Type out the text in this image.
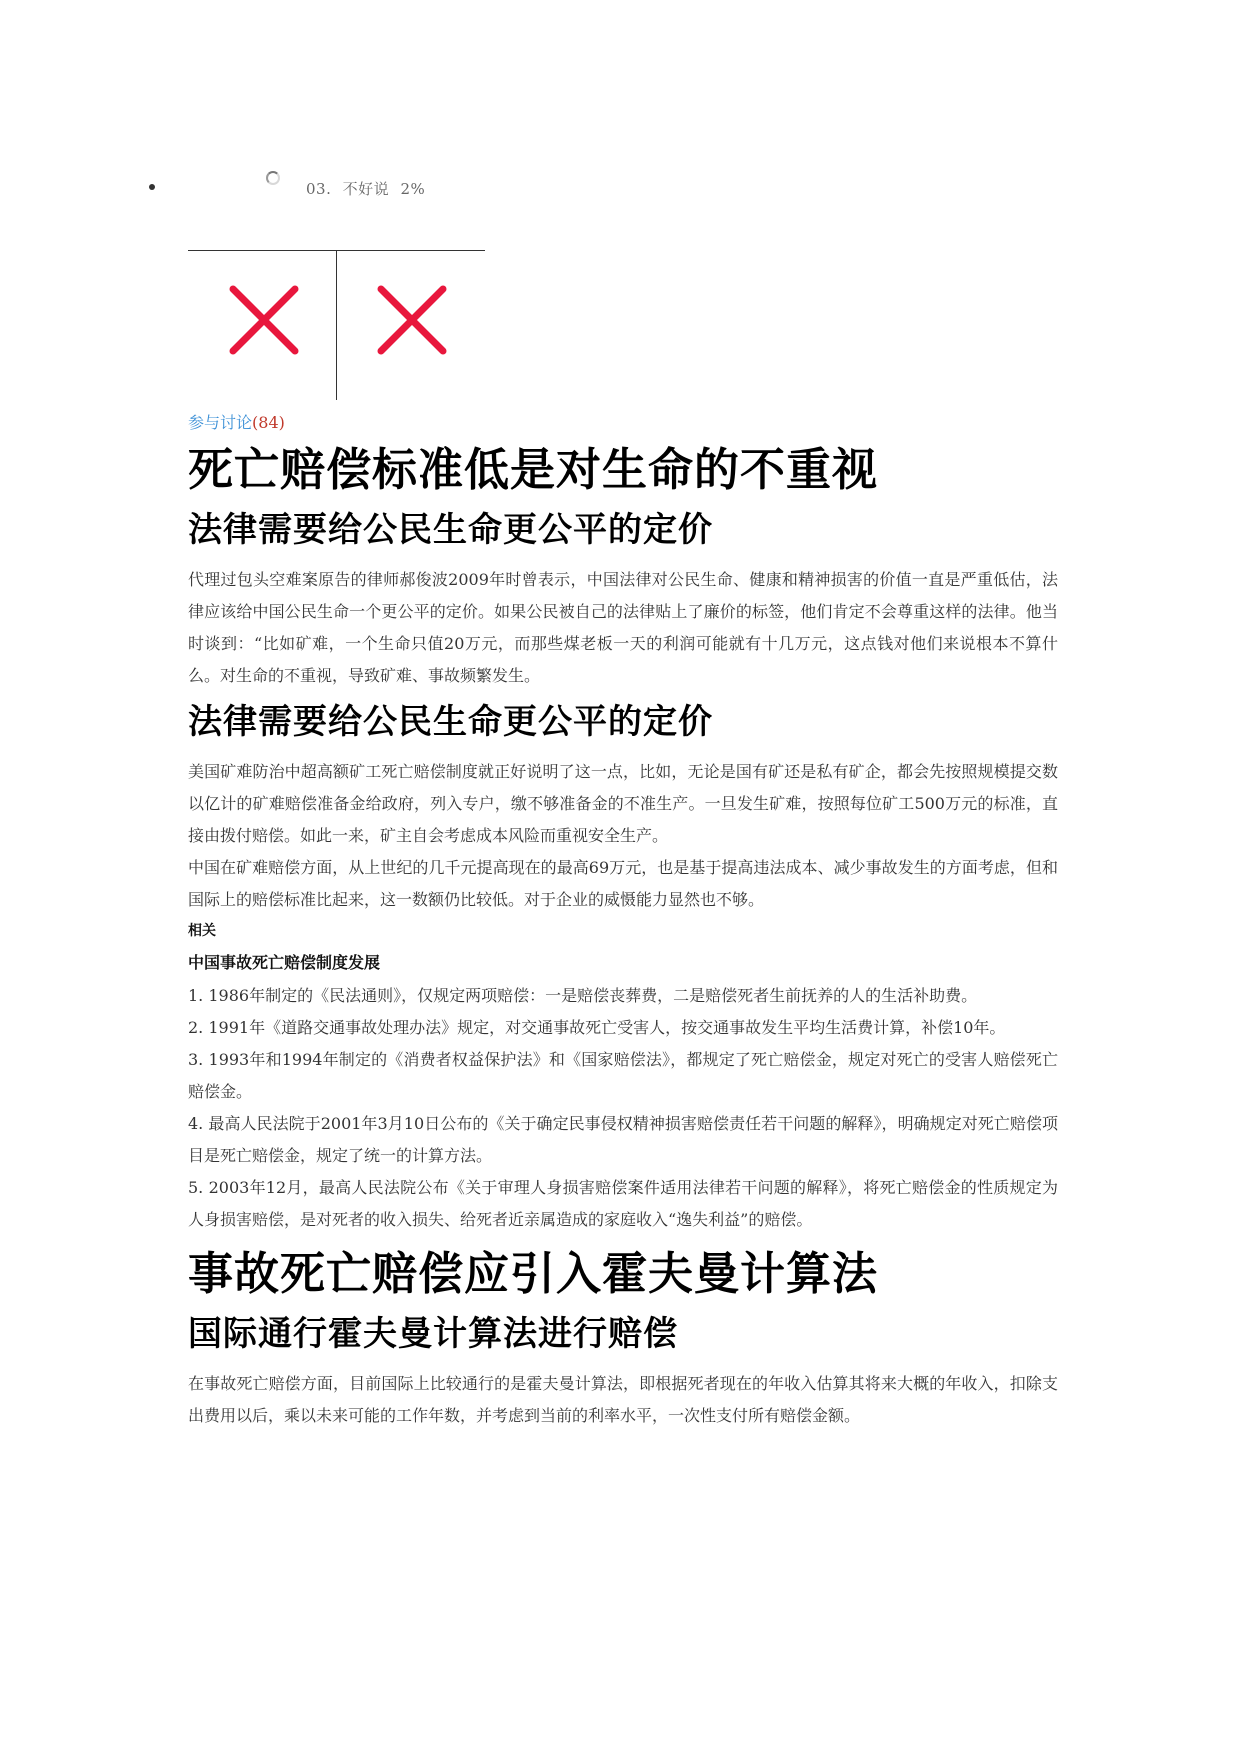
03. 不好说 2%
参与讨论(84)
死亡赔偿标准低是对生命的不重视
法律需要给公民生命更公平的定价

代理过包头空难案原告的律师郝俊波2009年时曾表示，中国法律对公民生命、健康和精神损害的价值一直是严重低估，法律应该给中国公民生命一个更公平的定价。如果公民被自己的法律贴上了廉价的标签，他们肯定不会尊重这样的法律。他当时谈到：“比如矿难，一个生命只值20万元，而那些煤老板一天的利润可能就有十几万元，这点钱对他们来说根本不算什么。对生命的不重视，导致矿难、事故频繁发生。

法律需要给公民生命更公平的定价

美国矿难防治中超高额矿工死亡赔偿制度就正好说明了这一点，比如，无论是国有矿还是私有矿企，都会先按照规模提交数以亿计的矿难赔偿准备金给政府，列入专户，缴不够准备金的不准生产。一旦发生矿难，按照每位矿工500万元的标准，直接由拨付赔偿。如此一来，矿主自会考虑成本风险而重视安全生产。

中国在矿难赔偿方面，从上世纪的几千元提高现在的最高69万元，也是基于提高违法成本、减少事故发生的方面考虑，但和国际上的赔偿标准比起来，这一数额仍比较低。对于企业的威慑能力显然也不够。

相关
中国事故死亡赔偿制度发展

1. 1986年制定的《民法通则》，仅规定两项赔偿：一是赔偿丧葬费，二是赔偿死者生前抚养的人的生活补助费。

2. 1991年《道路交通事故处理办法》规定，对交通事故死亡受害人，按交通事故发生平均生活费计算，补偿10年。

3. 1993年和1994年制定的《消费者权益保护法》和《国家赔偿法》，都规定了死亡赔偿金，规定对死亡的受害人赔偿死亡赔偿金。

4. 最高人民法院于2001年3月10日公布的《关于确定民事侵权精神损害赔偿责任若干问题的解释》，明确规定对死亡赔偿项目是死亡赔偿金，规定了统一的计算方法。

5. 2003年12月，最高人民法院公布《关于审理人身损害赔偿案件适用法律若干问题的解释》，将死亡赔偿金的性质规定为人身损害赔偿，是对死者的收入损失、给死者近亲属造成的家庭收入“逸失利益”的赔偿。

事故死亡赔偿应引入霍夫曼计算法
国际通行霍夫曼计算法进行赔偿

在事故死亡赔偿方面，目前国际上比较通行的是霍夫曼计算法，即根据死者现在的年收入估算其将来大概的年收入，扣除支出费用以后，乘以未来可能的工作年数，并考虑到当前的利率水平，一次性支付所有赔偿金额。
